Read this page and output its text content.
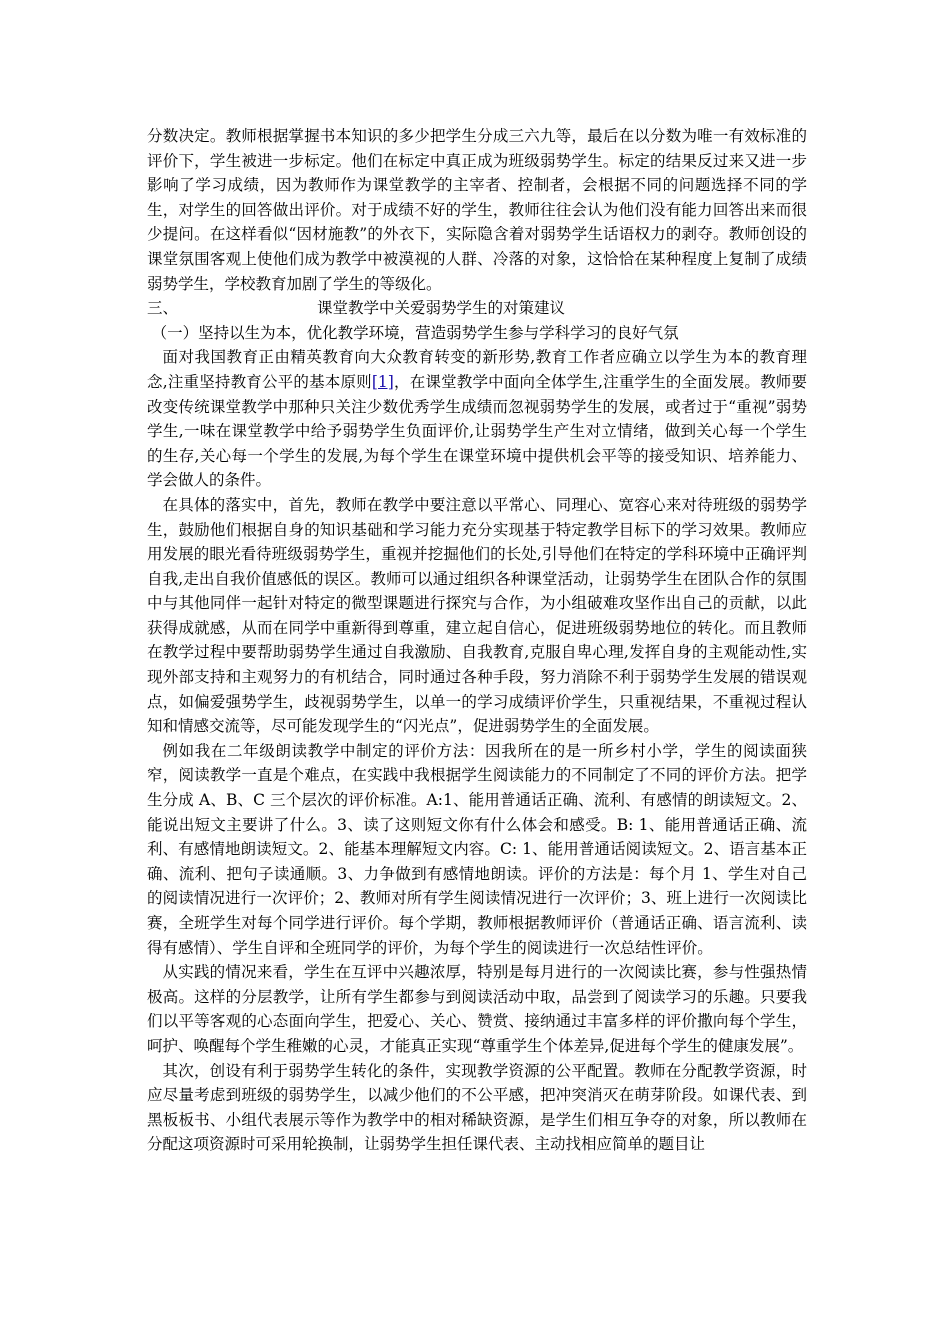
分数决定。教师根据掌握书本知识的多少把学生分成三六九等，最后在以分数为唯一有效标准的评价下，学生被进一步标定。他们在标定中真正成为班级弱势学生。标定的结果反过来又进一步影响了学习成绩，因为教师作为课堂教学的主宰者、控制者，会根据不同的问题选择不同的学生，对学生的回答做出评价。对于成绩不好的学生，教师往往会认为他们没有能力回答出来而很少提问。在这样看似“因材施教”的外衣下，实际隐含着对弱势学生话语权力的剥夺。教师创设的课堂氛围客观上使他们成为教学中被漠视的人群、冷落的对象，这恰恰在某种程度上复制了成绩弱势学生，学校教育加剧了学生的等级化。

三、	课堂教学中关爱弱势学生的对策建议

（一）坚持以生为本，优化教学环境，营造弱势学生参与学科学习的良好气氛

面对我国教育正由精英教育向大众教育转变的新形势,教育工作者应确立以学生为本的教育理念,注重坚持教育公平的基本原则[1]，在课堂教学中面向全体学生,注重学生的全面发展。教师要改变传统课堂教学中那种只关注少数优秀学生成绩而忽视弱势学生的发展，或者过于“重视”弱势学生,一味在课堂教学中给予弱势学生负面评价,让弱势学生产生对立情绪，做到关心每一个学生的生存,关心每一个学生的发展,为每个学生在课堂环境中提供机会平等的接受知识、培养能力、学会做人的条件。

在具体的落实中，首先，教师在教学中要注意以平常心、同理心、宽容心来对待班级的弱势学生，鼓励他们根据自身的知识基础和学习能力充分实现基于特定教学目标下的学习效果。教师应用发展的眼光看待班级弱势学生，重视并挖掘他们的长处,引导他们在特定的学科环境中正确评判自我,走出自我价值感低的误区。教师可以通过组织各种课堂活动，让弱势学生在团队合作的氛围中与其他同伴一起针对特定的微型课题进行探究与合作，为小组破难攻坚作出自己的贡献，以此获得成就感，从而在同学中重新得到尊重，建立起自信心，促进班级弱势地位的转化。而且教师在教学过程中要帮助弱势学生通过自我激励、自我教育,克服自卑心理,发挥自身的主观能动性,实现外部支持和主观努力的有机结合，同时通过各种手段，努力消除不利于弱势学生发展的错误观点，如偏爱强势学生，歧视弱势学生，以单一的学习成绩评价学生，只重视结果，不重视过程认知和情感交流等，尽可能发现学生的“闪光点”，促进弱势学生的全面发展。

例如我在二年级朗读教学中制定的评价方法：因我所在的是一所乡村小学，学生的阅读面狭窄，阅读教学一直是个难点，在实践中我根据学生阅读能力的不同制定了不同的评价方法。把学生分成 A、B、C 三个层次的评价标准。A:1、能用普通话正确、流利、有感情的朗读短文。2、能说出短文主要讲了什么。3、读了这则短文你有什么体会和感受。B: 1、能用普通话正确、流利、有感情地朗读短文。2、能基本理解短文内容。C: 1、能用普通话阅读短文。2、语言基本正确、流利、把句子读通顺。3、力争做到有感情地朗读。评价的方法是：每个月 1、学生对自己的阅读情况进行一次评价；2、教师对所有学生阅读情况进行一次评价；3、班上进行一次阅读比赛，全班学生对每个同学进行评价。每个学期，教师根据教师评价（普通话正确、语言流利、读得有感情）、学生自评和全班同学的评价，为每个学生的阅读进行一次总结性评价。

从实践的情况来看，学生在互评中兴趣浓厚，特别是每月进行的一次阅读比赛，参与性强热情极高。这样的分层教学，让所有学生都参与到阅读活动中取，品尝到了阅读学习的乐趣。只要我们以平等客观的心态面向学生，把爱心、关心、赞赏、接纳通过丰富多样的评价撒向每个学生，呵护、唤醒每个学生稚嫩的心灵，才能真正实现“尊重学生个体差异,促进每个学生的健康发展”。

其次，创设有利于弱势学生转化的条件，实现教学资源的公平配置。教师在分配教学资源，时应尽量考虑到班级的弱势学生，以减少他们的不公平感，把冲突消灭在萌芽阶段。如课代表、到黑板板书、小组代表展示等作为教学中的相对稀缺资源，是学生们相互争夺的对象，所以教师在分配这项资源时可采用轮换制，让弱势学生担任课代表、主动找相应简单的题目让
